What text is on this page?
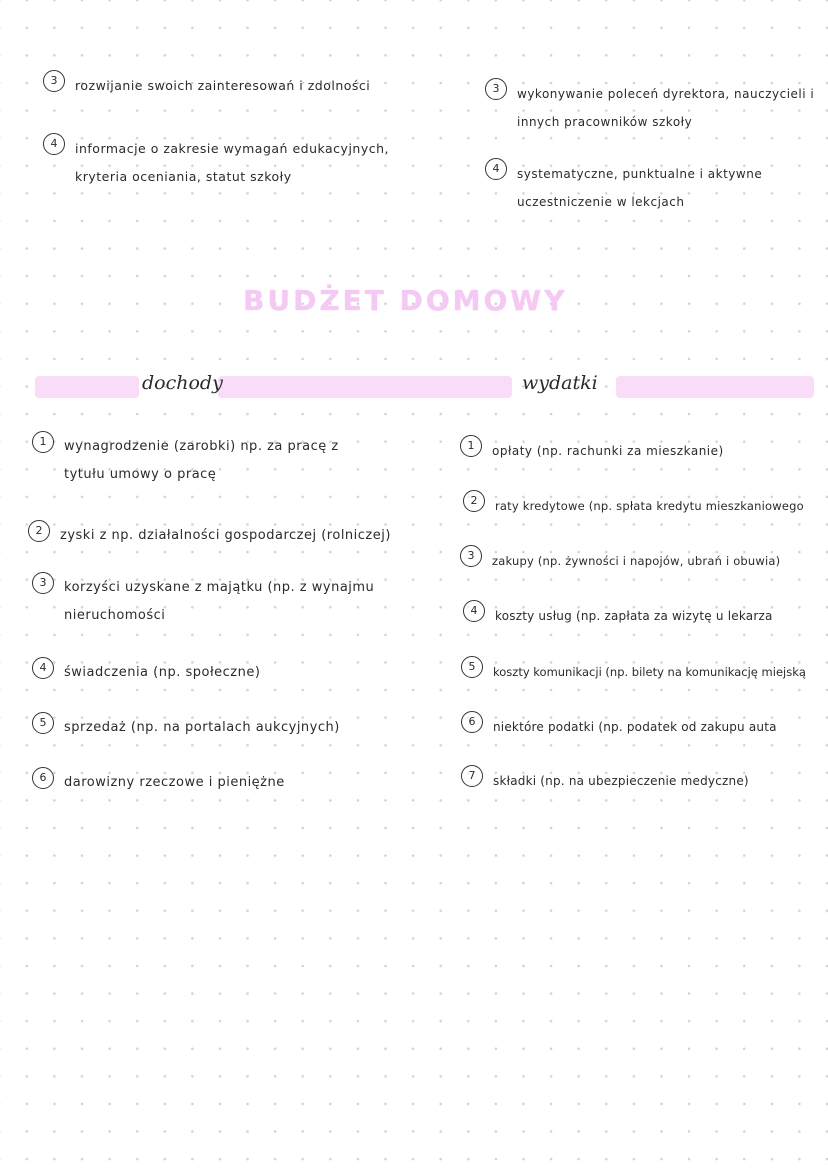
3	rozwijanie swoich zainteresowań i zdolności
4	informacje o zakresie wymagań edukacyjnych, kryteria oceniania, statut szkoły
3	wykonywanie poleceń dyrektora, nauczycieli i innych pracowników szkoły
4	systematyczne, punktualne i aktywne uczestniczenie w lekcjach
BUDŻET DOMOWY
dochody	wydatki
1	wynagrodzenie (zarobki) np. za pracę z tytułu umowy o pracę
2	zyski z np. działalności gospodarczej (rolniczej)
3	korzyści uzyskane z majątku (np. z wynajmu nieruchomości
4	świadczenia (np. społeczne)
5	sprzedaż (np. na portalach aukcyjnych)
6	darowizny rzeczowe i pieniężne
1	opłaty (np. rachunki za mieszkanie)
2	raty kredytowe (np. spłata kredytu mieszkaniowego
3	zakupy (np. żywności i napojów, ubrań i obuwia)
4	koszty usług (np. zapłata za wizytę u lekarza
5	koszty komunikacji (np. bilety na komunikację miejską
6	niektóre podatki (np. podatek od zakupu auta
7	składki (np. na ubezpieczenie medyczne)
